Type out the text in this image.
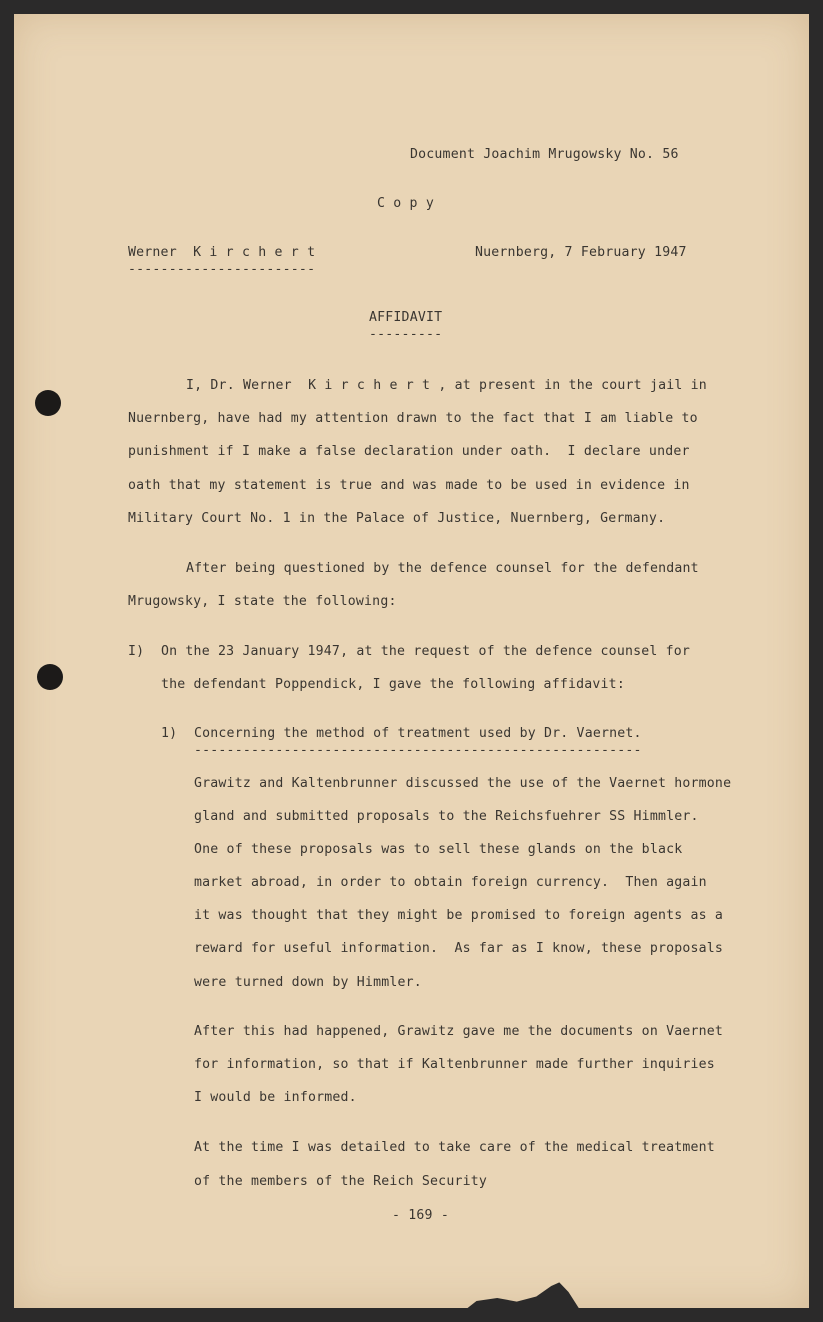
Document Joachim Mrugowsky No. 56
C o p y
Werner  K i r c h e r t
-----------------------
Nuernberg, 7 February 1947
AFFIDAVIT
---------
I, Dr. Werner  K i r c h e r t , at present in the court jail in
Nuernberg, have had my attention drawn to the fact that I am liable to
punishment if I make a false declaration under oath.  I declare under
oath that my statement is true and was made to be used in evidence in
Military Court No. 1 in the Palace of Justice, Nuernberg, Germany.
After being questioned by the defence counsel for the defendant
Mrugowsky, I state the following:
I) On the 23 January 1947, at the request of the defence counsel for
the defendant Poppendick, I gave the following affidavit:
1) Concerning the method of treatment used by Dr. Vaernet.
-------------------------------------------------------
Grawitz and Kaltenbrunner discussed the use of the Vaernet hormone
gland and submitted proposals to the Reichsfuehrer SS Himmler.
One of these proposals was to sell these glands on the black
market abroad, in order to obtain foreign currency.  Then again
it was thought that they might be promised to foreign agents as a
reward for useful information.  As far as I know, these proposals
were turned down by Himmler.
After this had happened, Grawitz gave me the documents on Vaernet
for information, so that if Kaltenbrunner made further inquiries
I would be informed.
At the time I was detailed to take care of the medical treatment
of the members of the Reich Security
- 169 -
